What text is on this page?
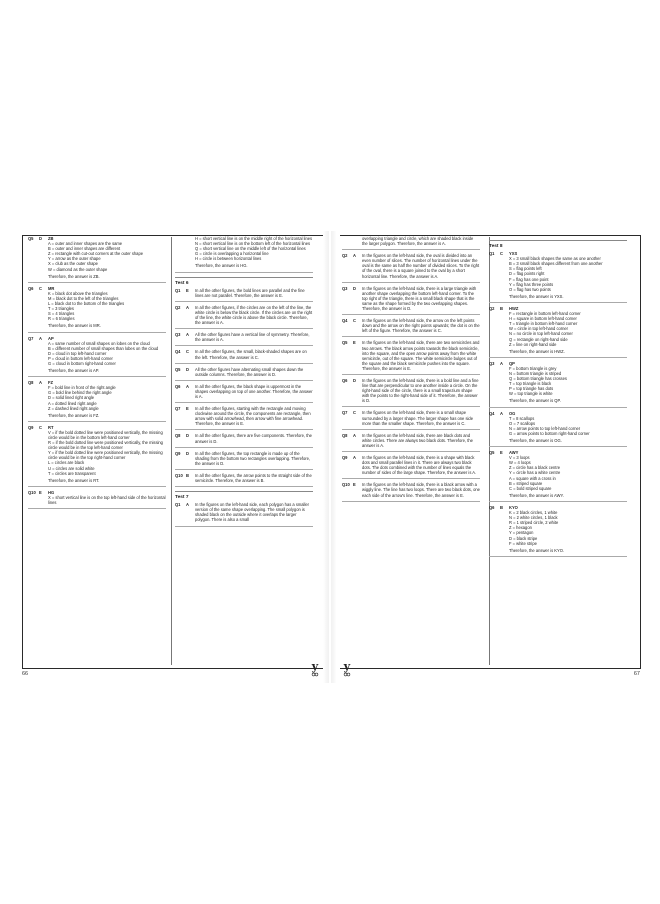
Q5 D ZB

A = outer and inner shapes are the same

B = outer and inner shapes are different

Z = rectangle with cut-out corners at the outer shape

Y = arrow as the outer shape

X = club as the outer shape

W = diamond as the outer shape

Therefore, the answer is ZB.

Q6 C MR

K = black dot above the triangles

M = black dot to the left of the triangles

L = black dot to the bottom of the triangles

T = 3 triangles

S = 4 triangles

R = 6 triangles

Therefore, the answer is MR.

Q7 A AP

A = same number of small shapes on lobes on the cloud

B = different number of small shapes than lobes on the cloud

D = cloud in top left-hand corner

P = cloud in bottom left-hand corner

G = cloud in bottom right-hand corner

Therefore, the answer is AP.

Q8 A FZ

F = bold line in front of the right angle

G = bold line behind the right angle

D = solid lined right angle

A = dotted lined right angle

Z = dashed lined right angle

Therefore, the answer is FZ.

Q9 C RT

V = if the bold dotted line were positioned vertically, the missing circle would be in the bottom left-hand corner

R = if the bold dotted line were positioned vertically, the missing circle would be in the top left-hand corner

Y = if the bold dotted line were positioned vertically, the missing circle would be in the top right-hand corner

L = circles are black

U = circles are solid white

T = circles are transparent

Therefore, the answer is RT.

Q10 E HG

X = short vertical line is on the top left-hand side of the horizontal lines

H = short vertical line is on the middle right of the horizontal lines

N = short vertical line is on the bottom left of the horizontal lines

Q = short vertical line on the middle left of the horizontal lines

G = circle is overlapping a horizontal line

H = circle is between horizontal lines

Therefore, the answer is HG.

Test 6
Q1 E In all the other figures, the bold lines are parallel and the fine lines are not parallel. Therefore, the answer is E.

Q2 A In all the other figures, if the circles are on the left of the line, the white circle is below the black circle. If the circles are on the right of the line, the white circle is above the black circle. Therefore, the answer is A.

Q3 A All the other figures have a vertical line of symmetry. Therefore, the answer is A.

Q4 C In all the other figures, the small, black-shaded shapes are on the left. Therefore, the answer is C.

Q5 D All the other figures have alternating small shapes down the outside columns. Therefore, the answer is D.

Q6 A In all the other figures, the black shape is uppermost in the shapes overlapping on top of one another. Therefore, the answer is A.

Q7 E In all the other figures, starting with the rectangle and moving clockwise around the circle, the components are rectangle, then arrow with solid arrowhead, then arrow with fine arrowhead. Therefore, the answer is E.

Q8 D In all the other figures, there are five components. Therefore, the answer is D.

Q9 D In all the other figures, the top rectangle is made up of the shading from the bottom two rectangles overlapping. Therefore, the answer is D.

Q10 B In all the other figures, the arrow points to the straight side of the semicircle. Therefore, the answer is B.

Test 7
Q1 A In the figures on the left-hand side, each polygon has a smaller version of the same shape overlapping. The small polygon is shaded black on the outside where it overlaps the larger polygon. There is also a small

66
y

overlapping triangle and circle, which are shaded black inside the larger polygon. Therefore, the answer is A.

Q2 A In the figures on the left-hand side, the oval is divided into an even number of slices. The number of horizontal lines under the oval is the same as half the number of divided slices. To the right of the oval, there is a square joined to the oval by a short horizontal line. Therefore, the answer is A.

Q3 D In the figures on the left-hand side, there is a large triangle with another shape overlapping the bottom left-hand corner. To the top right of the triangle, there is a small black shape that is the same as the shape formed by the two overlapping shapes. Therefore, the answer is D.

Q4 C In the figures on the left-hand side, the arrow on the left points down and the arrow on the right points upwards; the dot is on the left of the figure. Therefore, the answer is C.

Q5 E In the figures on the left-hand side, there are two semicircles and two arrows. The black arrow points towards the black semicircle, into the square, and the open arrow points away from the white semicircle, out of the square. The white semicircle bulges out of the square and the black semicircle pushes into the square. Therefore, the answer is E.

Q6 D In the figures on the left-hand side, there is a bold line and a fine line that are perpendicular to one another inside a circle. On the right-hand side of the circle, there is a small trapezium shape with the points to the right-hand side of it. Therefore, the answer is D.

Q7 C In the figures on the left-hand side, there is a small shape surrounded by a larger shape. The larger shape has one side more than the smaller shape. Therefore, the answer is C.

Q8 A In the figures on the left-hand side, there are black dots and white circles. There are always two black dots. Therefore, the answer is A.

Q9 A In the figures on the left-hand side, there is a shape with black dots and small parallel lines in it. There are always two black dots. The dots combined with the number of lines equals the number of sides of the large shape. Therefore, the answer is A.

Q10 E In the figures on the left-hand side, there is a black arrow with a wiggly line. The line has two loops. There are two black dots, one each side of the arrow's line. Therefore, the answer is E.

Test 8
Q1 C YXS

X = 3 small black shapes the same as one another

B = 3 small black shapes different from one another

S = flag points left

D = flag points right

F = flag has one point

Y = flag has three points

O = flag has two points

Therefore, the answer is YXS.

Q2 B HWZ

F = rectangle in bottom left-hand corner

H = square in bottom left-hand corner

T = triangle in bottom left-hand corner

W = circle in top left-hand corner

N = no circle in top left-hand corner

Q = rectangle on right-hand side

Z = line on right-hand side

Therefore, the answer is HWZ.

Q3 A QP

F = bottom triangle is grey

N = bottom triangle is striped

Q = bottom triangle has crosses

T = top triangle is black

P = top triangle has dots

W = top triangle is white

Therefore, the answer is QP.

Q4 A OG

T = 8 scallops

O = 7 scallops

N = arrow points to top left-hand corner

G = arrow points to bottom right-hand corner

Therefore, the answer is OG.

Q5 E AWY

V = 3 loops

W = 4 loops

Z = circle has a black centre

Y = circle has a white centre

A = square with a cross in

B = striped square

C = bold striped square

Therefore, the answer is AWY.

Q6 B KYO

K = 2 black circles, 1 white

N = 2 white circles, 1 black

R = 1 striped circle, 2 white

Z = hexagon

Y = pentagon

D = black stripe

F = white stripe

Therefore, the answer is KYO.

67
y
